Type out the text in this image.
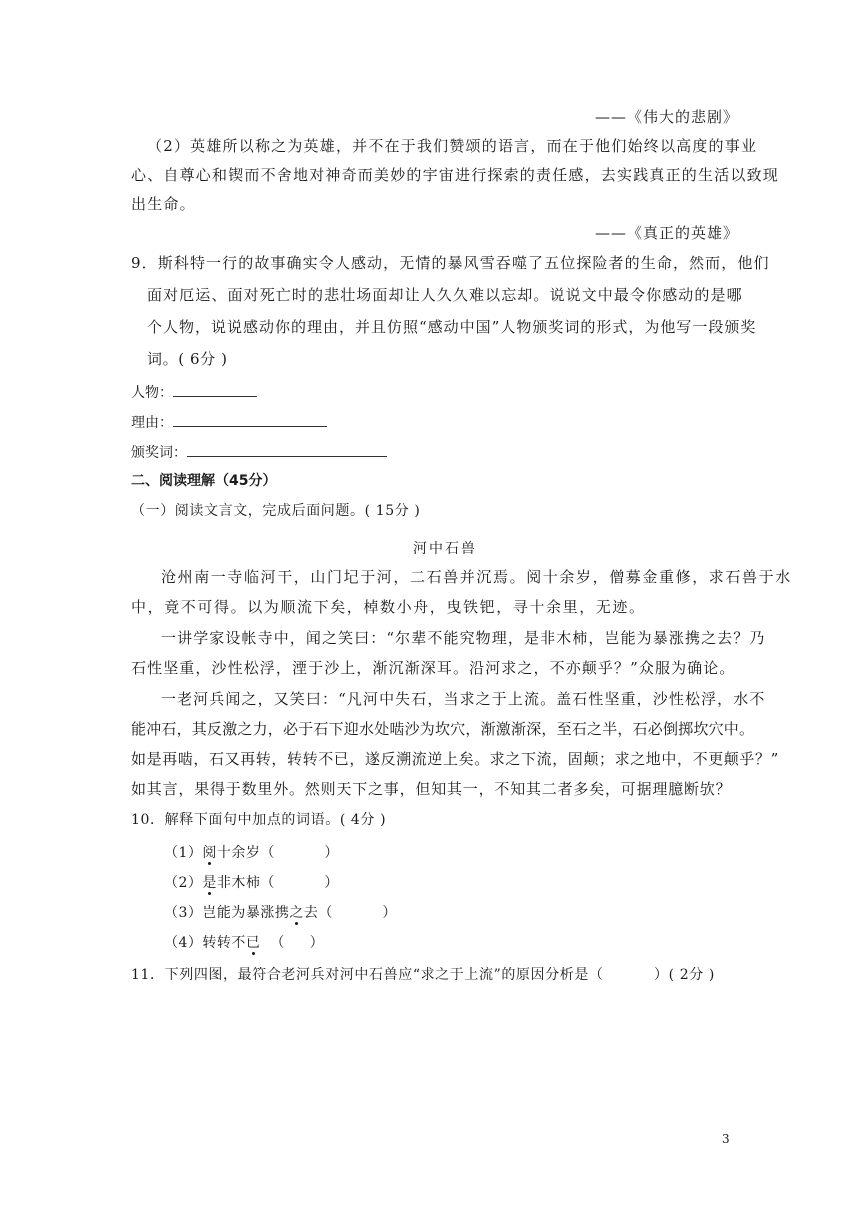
——《伟大的悲剧》
（2）英雄所以称之为英雄，并不在于我们赞颂的语言，而在于他们始终以高度的事业
心、自尊心和锲而不舍地对神奇而美妙的宇宙进行探索的责任感，去实践真正的生活以致现
出生命。
——《真正的英雄》
9．斯科特一行的故事确实令人感动，无情的暴风雪吞噬了五位探险者的生命，然而，他们
面对厄运、面对死亡时的悲壮场面却让人久久难以忘却。说说文中最令你感动的是哪
个人物，说说感动你的理由，并且仿照“感动中国”人物颁奖词的形式，为他写一段颁奖
词。( 6分 )
人物：
理由：
颁奖词：
二、阅读理解（45分）
（一）阅读文言文，完成后面问题。( 15分 )
河中石兽
沧州南一寺临河干，山门圮于河，二石兽并沉焉。阅十余岁，僧募金重修，求石兽于水
中，竟不可得。以为顺流下矣，棹数小舟，曳铁钯，寻十余里，无迹。
一讲学家设帐寺中，闻之笑曰：“尔辈不能究物理，是非木柿，岂能为暴涨携之去？乃
石性坚重，沙性松浮，湮于沙上，渐沉渐深耳。沿河求之，不亦颠乎？”众服为确论。
一老河兵闻之，又笑曰：“凡河中失石，当求之于上流。盖石性坚重，沙性松浮，水不
能冲石，其反激之力，必于石下迎水处啮沙为坎穴，渐激渐深，至石之半，石必倒掷坎穴中。
如是再啮，石又再转，转转不已，遂反溯流逆上矣。求之下流，固颠；求之地中，不更颠乎？”
如其言，果得于数里外。然则天下之事，但知其一，不知其二者多矣，可据理臆断欤？
10．解释下面句中加点的词语。( 4分 )
（1）阅十余岁（          ）
（2）是非木柿（          ）
（3）岂能为暴涨携之去（          ）
（4）转转不已  （     ）
11．下列四图，最符合老河兵对河中石兽应“求之于上流”的原因分析是（          ）( 2分 )
3
